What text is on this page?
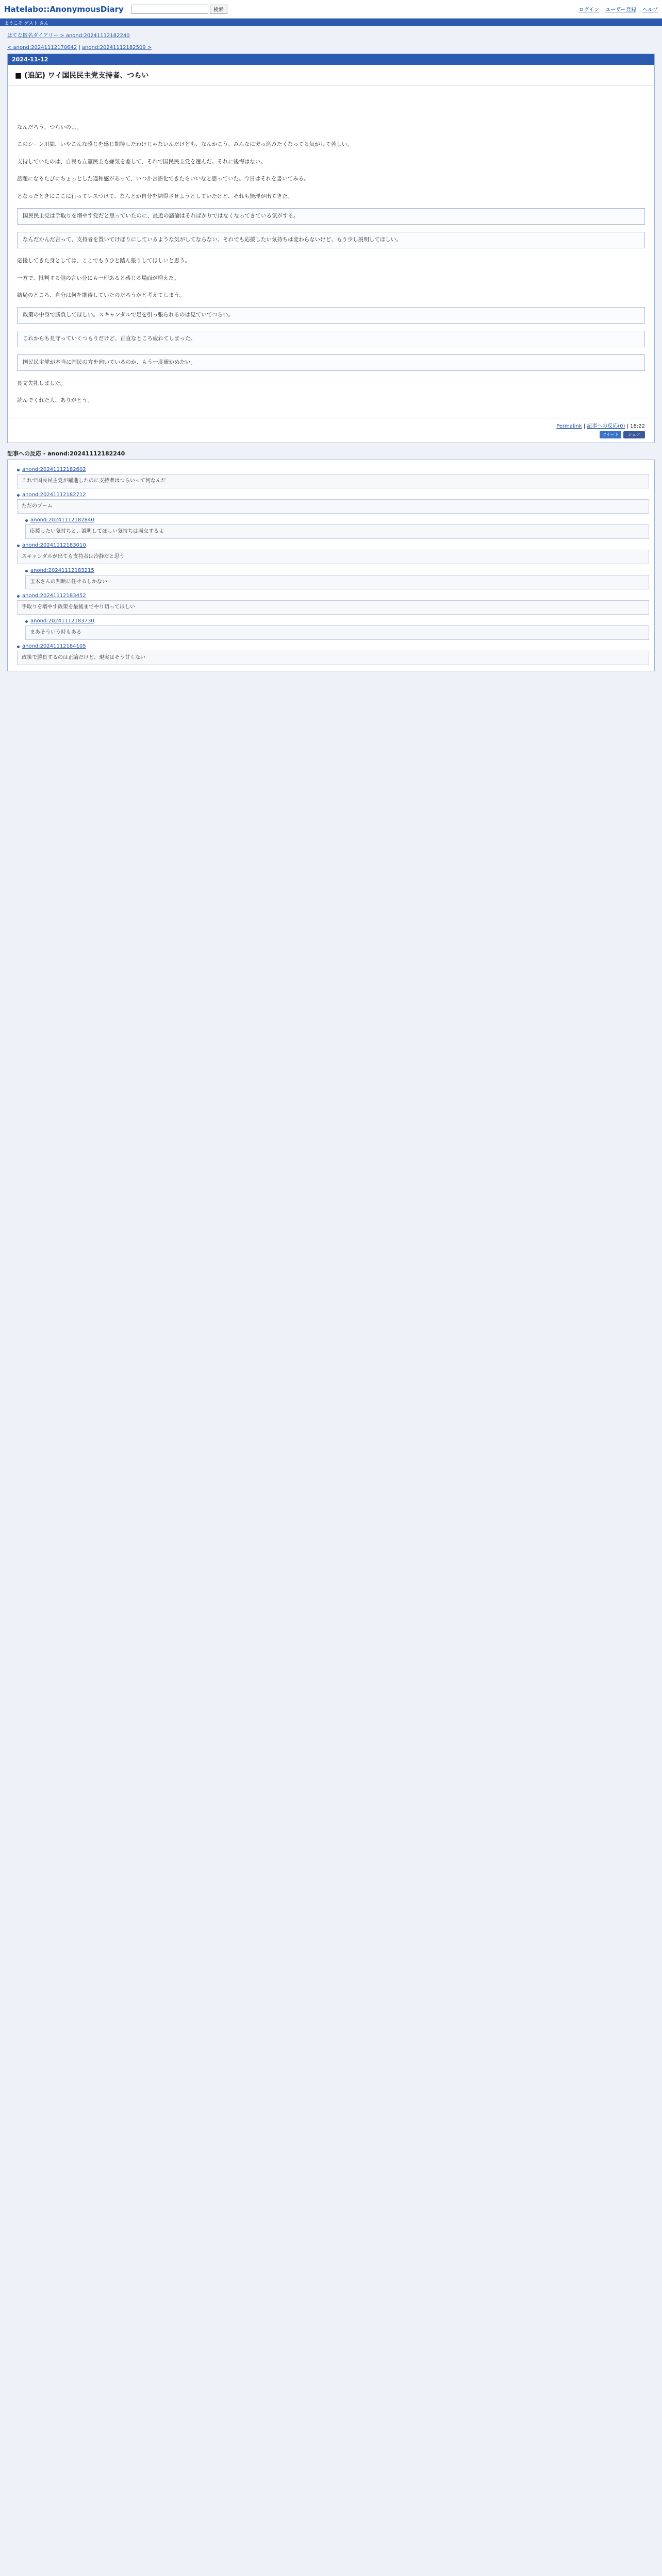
Hatelabo::AnonymousDiary	検索	ログイン ユーザー登録 ヘルプ
ようこそ ゲスト さん
はてな匿名ダイアリー > anond:20241112182240
< anond:20241112170642 | anond:20241112182509 >
2024-11-12
■ (追記) ワイ国民民主党支持者、つらい

なんだろう、つらいのよ。

このシーン川間、いやこんな感じを感じ期待したわけじゃないんだけども、なんかこう、みんなに突っ込みたくなってる気がして苦しい。

支持していたのは、自民も立憲民主も嫌気を差して、それで国民民主党を選んだ。それに後悔はない。

話題になるたびにちょっとした違和感があって、いつか言語化できたらいいなと思っていた。今日はそれを書いてみる。

となったときにここに行ってレスつけて、なんとか自分を納得させようとしていたけど、それも無理が出てきた。

国民民主党は手取りを増やす党だと思っていたのに、最近の議論はそればかりではなくなってきている気がする。
なんだかんだ言って、支持者を置いてけぼりにしているような気がしてならない。それでも応援したい気持ちは変わらないけど、もう少し説明してほしい。

応援してきた身としては、ここでもうひと踏ん張りしてほしいと思う。

一方で、批判する側の言い分にも一理あると感じる場面が増えた。

結局のところ、自分は何を期待していたのだろうかと考えてしまう。

政策の中身で勝負してほしい。スキャンダルで足を引っ張られるのは見ていてつらい。
これからも見守っていくつもりだけど、正直なところ疲れてしまった。
国民民主党が本当に国民の方を向いているのか、もう一度確かめたい。

長文失礼しました。

読んでくれた人、ありがとう。

Permalink | 記事への反応(0) | 18:22
ツイート	シェア
記事への反応 - anond:20241112182240
anond:20241112182602
これで国民民主党が躍進したのに支持者はつらいって何なんだ
anond:20241112182712
ただのブーム
anond:20241112182840
応援したい気持ちと、説明してほしい気持ちは両立するよ
anond:20241112183010
スキャンダルが出ても支持者は冷静だと思う
anond:20241112183215
玉木さんの判断に任せるしかない
anond:20241112183452
手取りを増やす政策を最後までやり切ってほしい
anond:20241112183730
まあそういう時もある
anond:20241112184105
政策で勝負するのは正論だけど、現実はそう甘くない
